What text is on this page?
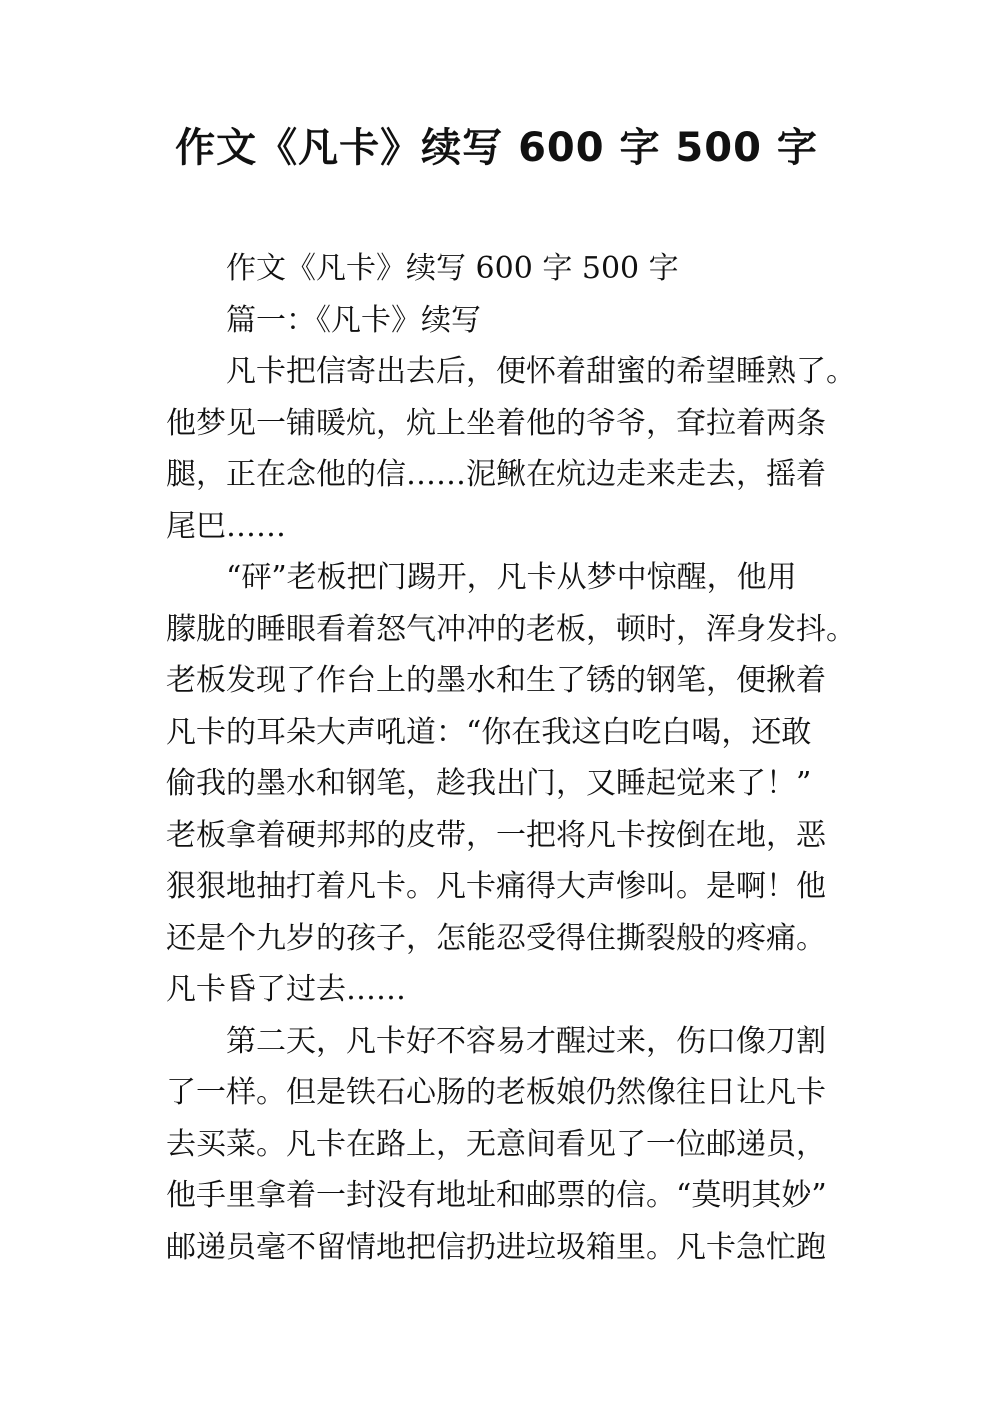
作文《凡卡》续写 600 字 500 字
作文《凡卡》续写 600 字 500 字
篇一：《凡卡》续写
凡卡把信寄出去后，便怀着甜蜜的希望睡熟了。
他梦见一铺暖炕，炕上坐着他的爷爷，耷拉着两条
腿，正在念他的信……泥鳅在炕边走来走去，摇着
尾巴……
“砰”老板把门踢开，凡卡从梦中惊醒，他用
朦胧的睡眼看着怒气冲冲的老板，顿时，浑身发抖。
老板发现了作台上的墨水和生了锈的钢笔，便揪着
凡卡的耳朵大声吼道：“你在我这白吃白喝，还敢
偷我的墨水和钢笔，趁我出门，又睡起觉来了！”
老板拿着硬邦邦的皮带，一把将凡卡按倒在地，恶
狠狠地抽打着凡卡。凡卡痛得大声惨叫。是啊！他
还是个九岁的孩子，怎能忍受得住撕裂般的疼痛。
凡卡昏了过去……
第二天，凡卡好不容易才醒过来，伤口像刀割
了一样。但是铁石心肠的老板娘仍然像往日让凡卡
去买菜。凡卡在路上，无意间看见了一位邮递员，
他手里拿着一封没有地址和邮票的信。“莫明其妙”
邮递员毫不留情地把信扔进垃圾箱里。凡卡急忙跑
